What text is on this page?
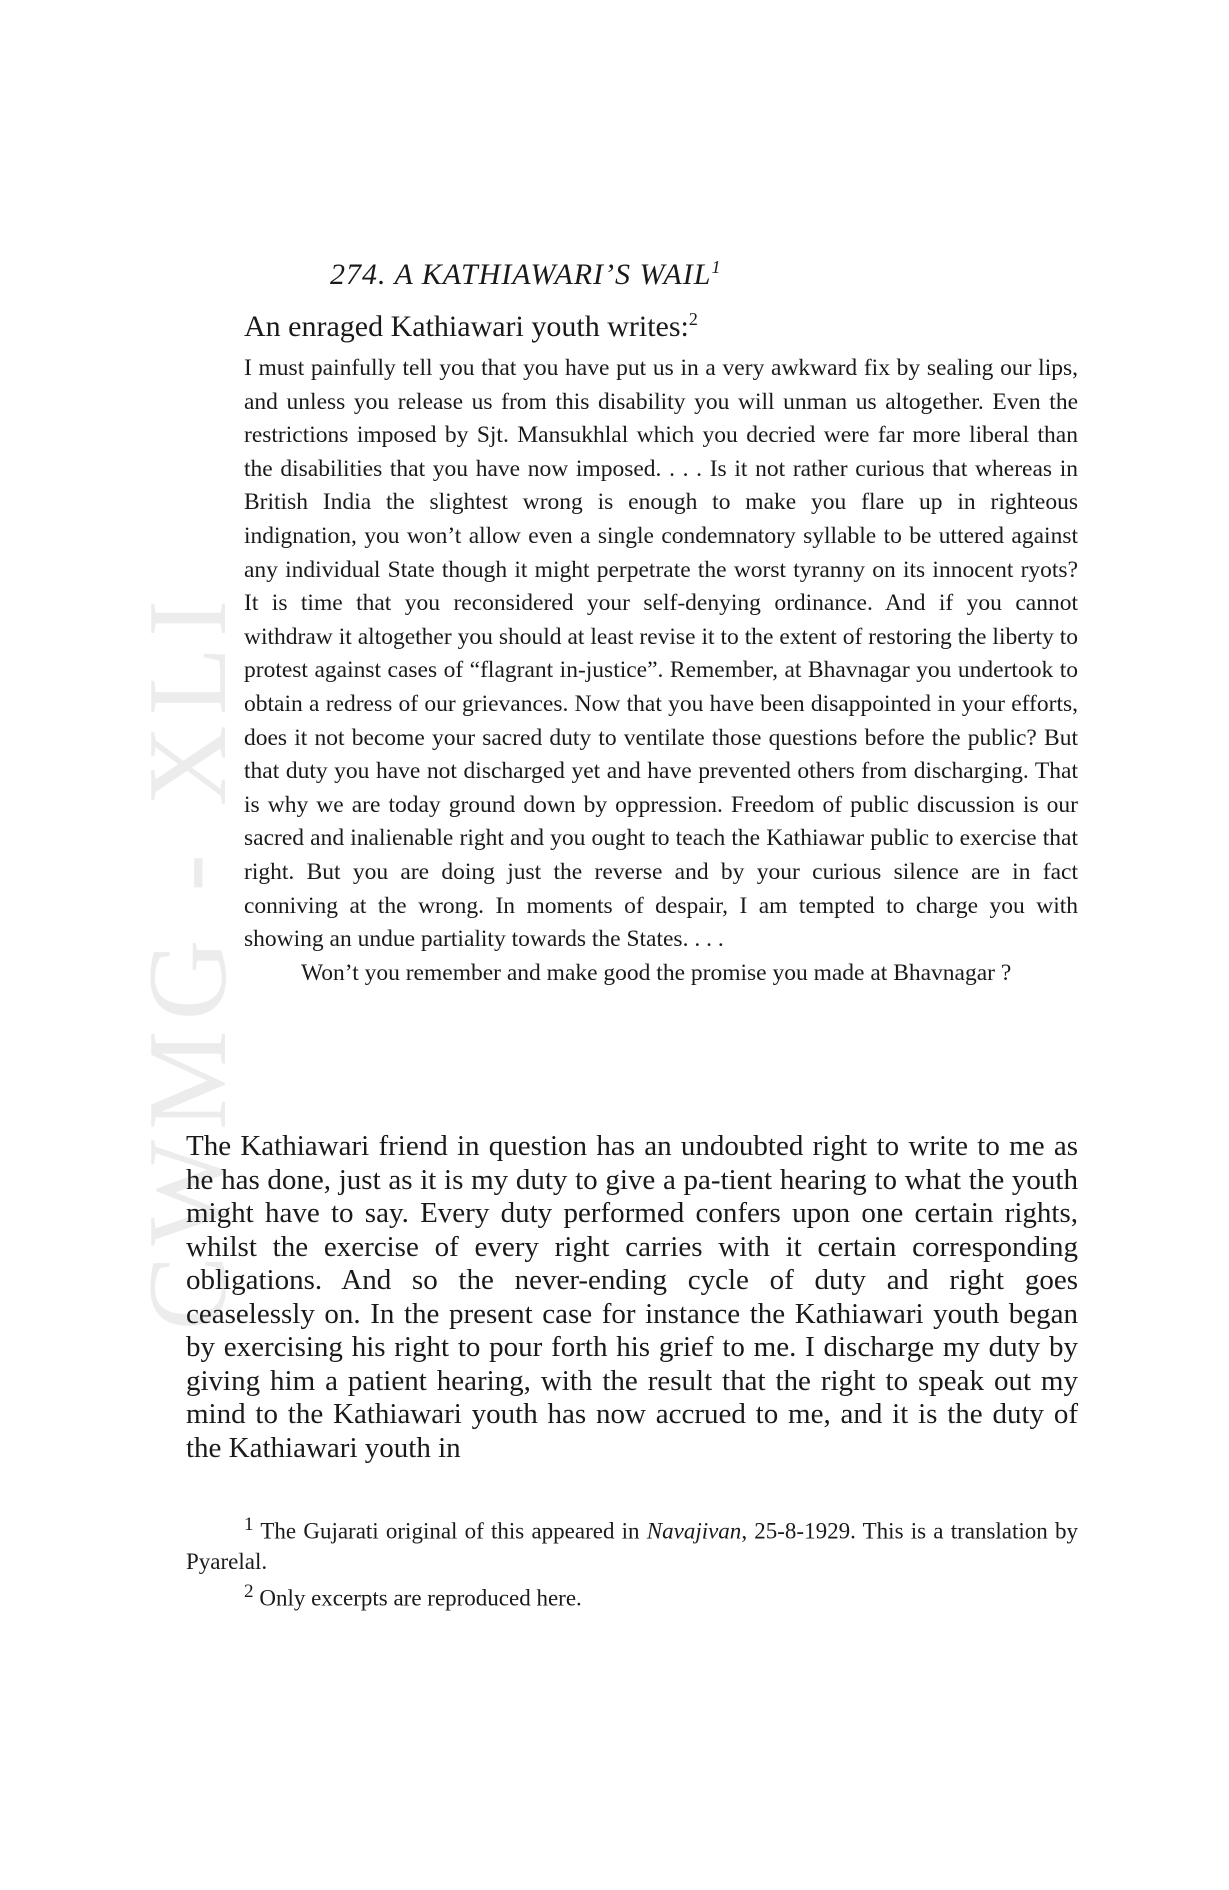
CWMG - XLI
274. A KATHIAWARI’S WAIL$^1$

An enraged Kathiawari youth writes:$^2$

I must painfully tell you that you have put us in a very awkward fix by sealing our lips, and unless you release us from this disability you will unman us altogether. Even the restrictions imposed by Sjt. Mansukhlal which you decried were far more liberal than the disabilities that you have now imposed. . . . Is it not rather curious that whereas in British India the slightest wrong is enough to make you flare up in righteous indignation, you won’t allow even a single condemnatory syllable to be uttered against any individual State though it might perpetrate the worst tyranny on its innocent ryots? It is time that you reconsidered your self-denying ordinance. And if you cannot withdraw it altogether you should at least revise it to the extent of restoring the liberty to protest against cases of “flagrant in-justice”. Remember, at Bhavnagar you undertook to obtain a redress of our grievances. Now that you have been disappointed in your efforts, does it not become your sacred duty to ventilate those questions before the public? But that duty you have not discharged yet and have prevented others from discharging. That is why we are today ground down by oppression. Freedom of public discussion is our sacred and inalienable right and you ought to teach the Kathiawar public to exercise that right. But you are doing just the reverse and by your curious silence are in fact conniving at the wrong. In moments of despair, I am tempted to charge you with showing an undue partiality towards the States. . . .

Won’t you remember and make good the promise you made at Bhavnagar ?

The Kathiawari friend in question has an undoubted right to write to me as he has done, just as it is my duty to give a pa-tient hearing to what the youth might have to say. Every duty performed confers upon one certain rights, whilst the exercise of every right carries with it certain corresponding obligations. And so the never-ending cycle of duty and right goes ceaselessly on. In the present case for instance the Kathiawari youth began by exercising his right to pour forth his grief to me. I discharge my duty by giving him a patient hearing, with the result that the right to speak out my mind to the Kathiawari youth has now accrued to me, and it is the duty of the Kathiawari youth in

$^1$ The Gujarati original of this appeared in Navajivan, 25-8-1929. This is a translation by Pyarelal.

$^2$ Only excerpts are reproduced here.
